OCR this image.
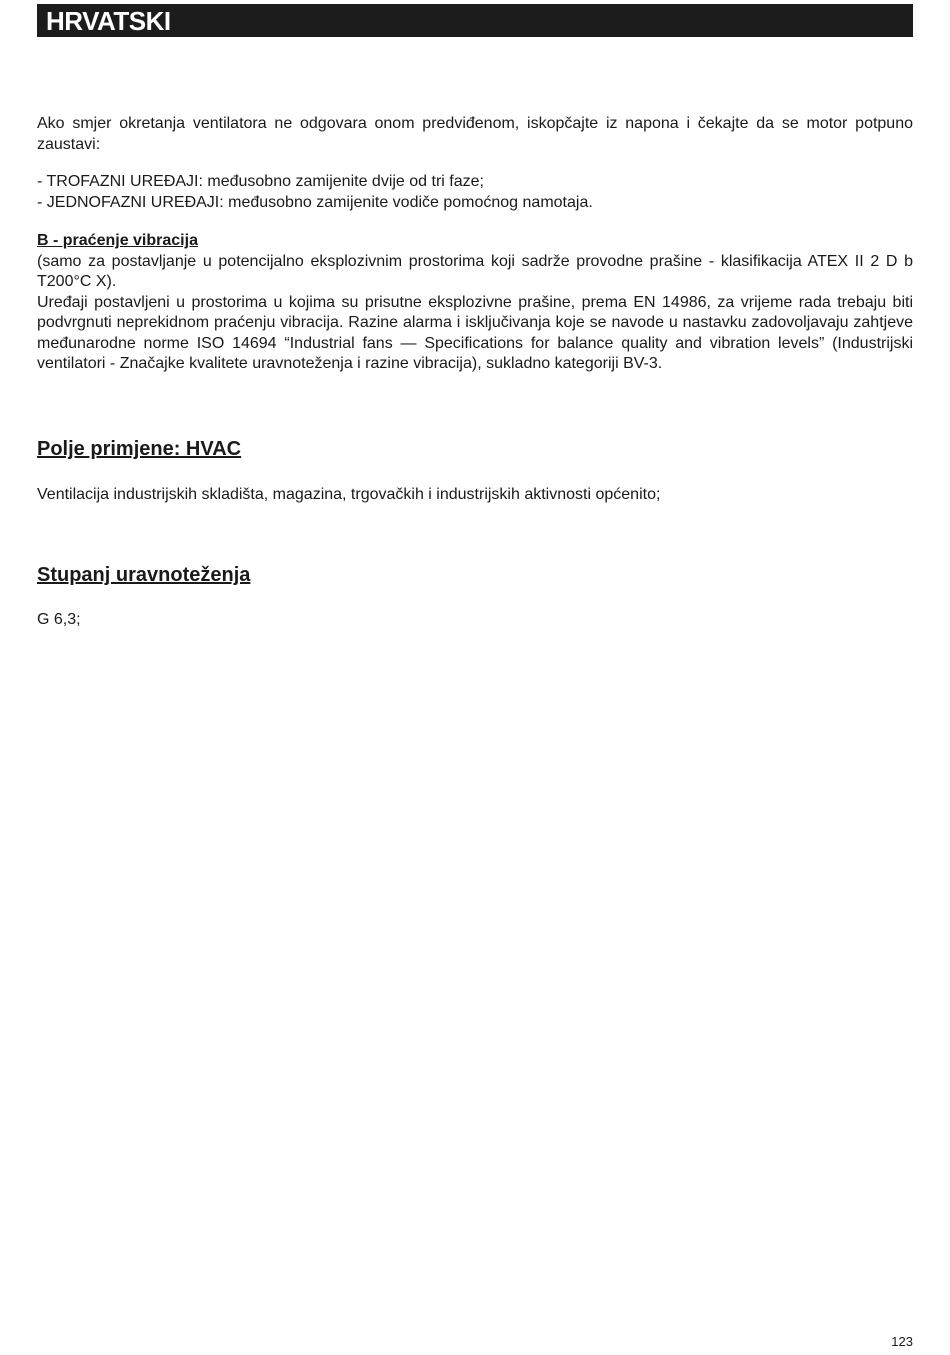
HRVATSKI

Ako smjer okretanja ventilatora ne odgovara onom predviđenom, iskopčajte iz napona i čekajte da se motor potpuno zaustavi:

- TROFAZNI UREĐAJI: međusobno zamijenite dvije od tri faze;
- JEDNOFAZNI UREĐAJI: međusobno zamijenite vodiče pomoćnog namotaja.

B - praćenje vibracija

(samo za postavljanje u potencijalno eksplozivnim prostorima koji sadrže provodne prašine - klasifikacija ATEX II 2 D b T200°C X).

Uređaji postavljeni u prostorima u kojima su prisutne eksplozivne prašine, prema EN 14986, za vrijeme rada trebaju biti podvrgnuti neprekidnom praćenju vibracija. Razine alarma i isključivanja koje se navode u nastavku zadovoljavaju zahtjeve međunarodne norme ISO 14694 “Industrial fans — Specifications for balance quality and vibration levels” (Industrijski ventilatori - Značajke kvalitete uravnoteženja i razine vibracija), sukladno kategoriji BV-3.

Polje primjene: HVAC

Ventilacija industrijskih skladišta, magazina, trgovačkih i industrijskih aktivnosti općenito;

Stupanj uravnoteženja

G 6,3;

123
